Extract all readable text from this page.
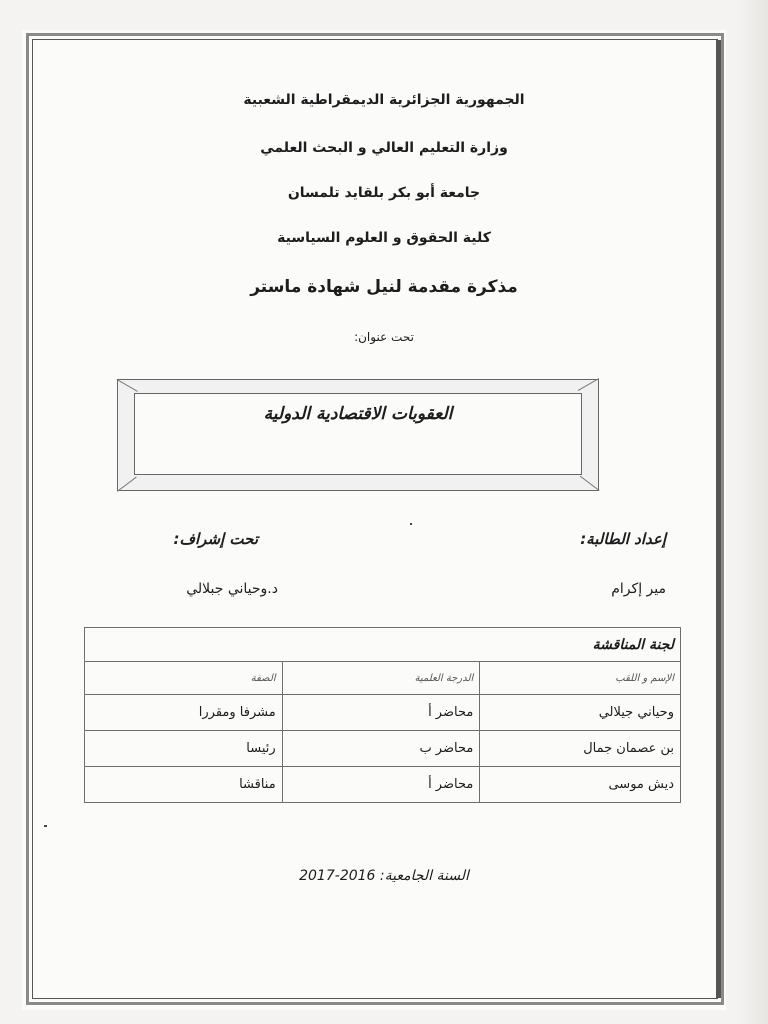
الجمهورية الجزائرية الديمقراطية الشعبية
وزارة التعليم العالي و البحث العلمي
جامعة أبو بكر بلقايد تلمسان
كلية الحقوق و العلوم السياسية
مذكرة مقدمة لنيل شهادة ماستر
تحت عنوان:
العقوبات الاقتصادية الدولية
إعداد الطالبة:
تحت إشراف:
مير إكرام
د.وحياني جبلالي
لجنة المناقشة		
الإسم و اللقب	الدرجة العلمية	الصفة
وحياني جيلالي	محاضر أ	مشرفا ومقررا
بن عصمان جمال	محاضر ب	رئيسا
ديش موسى	محاضر أ	مناقشا
السنة الجامعية: 2016-2017
